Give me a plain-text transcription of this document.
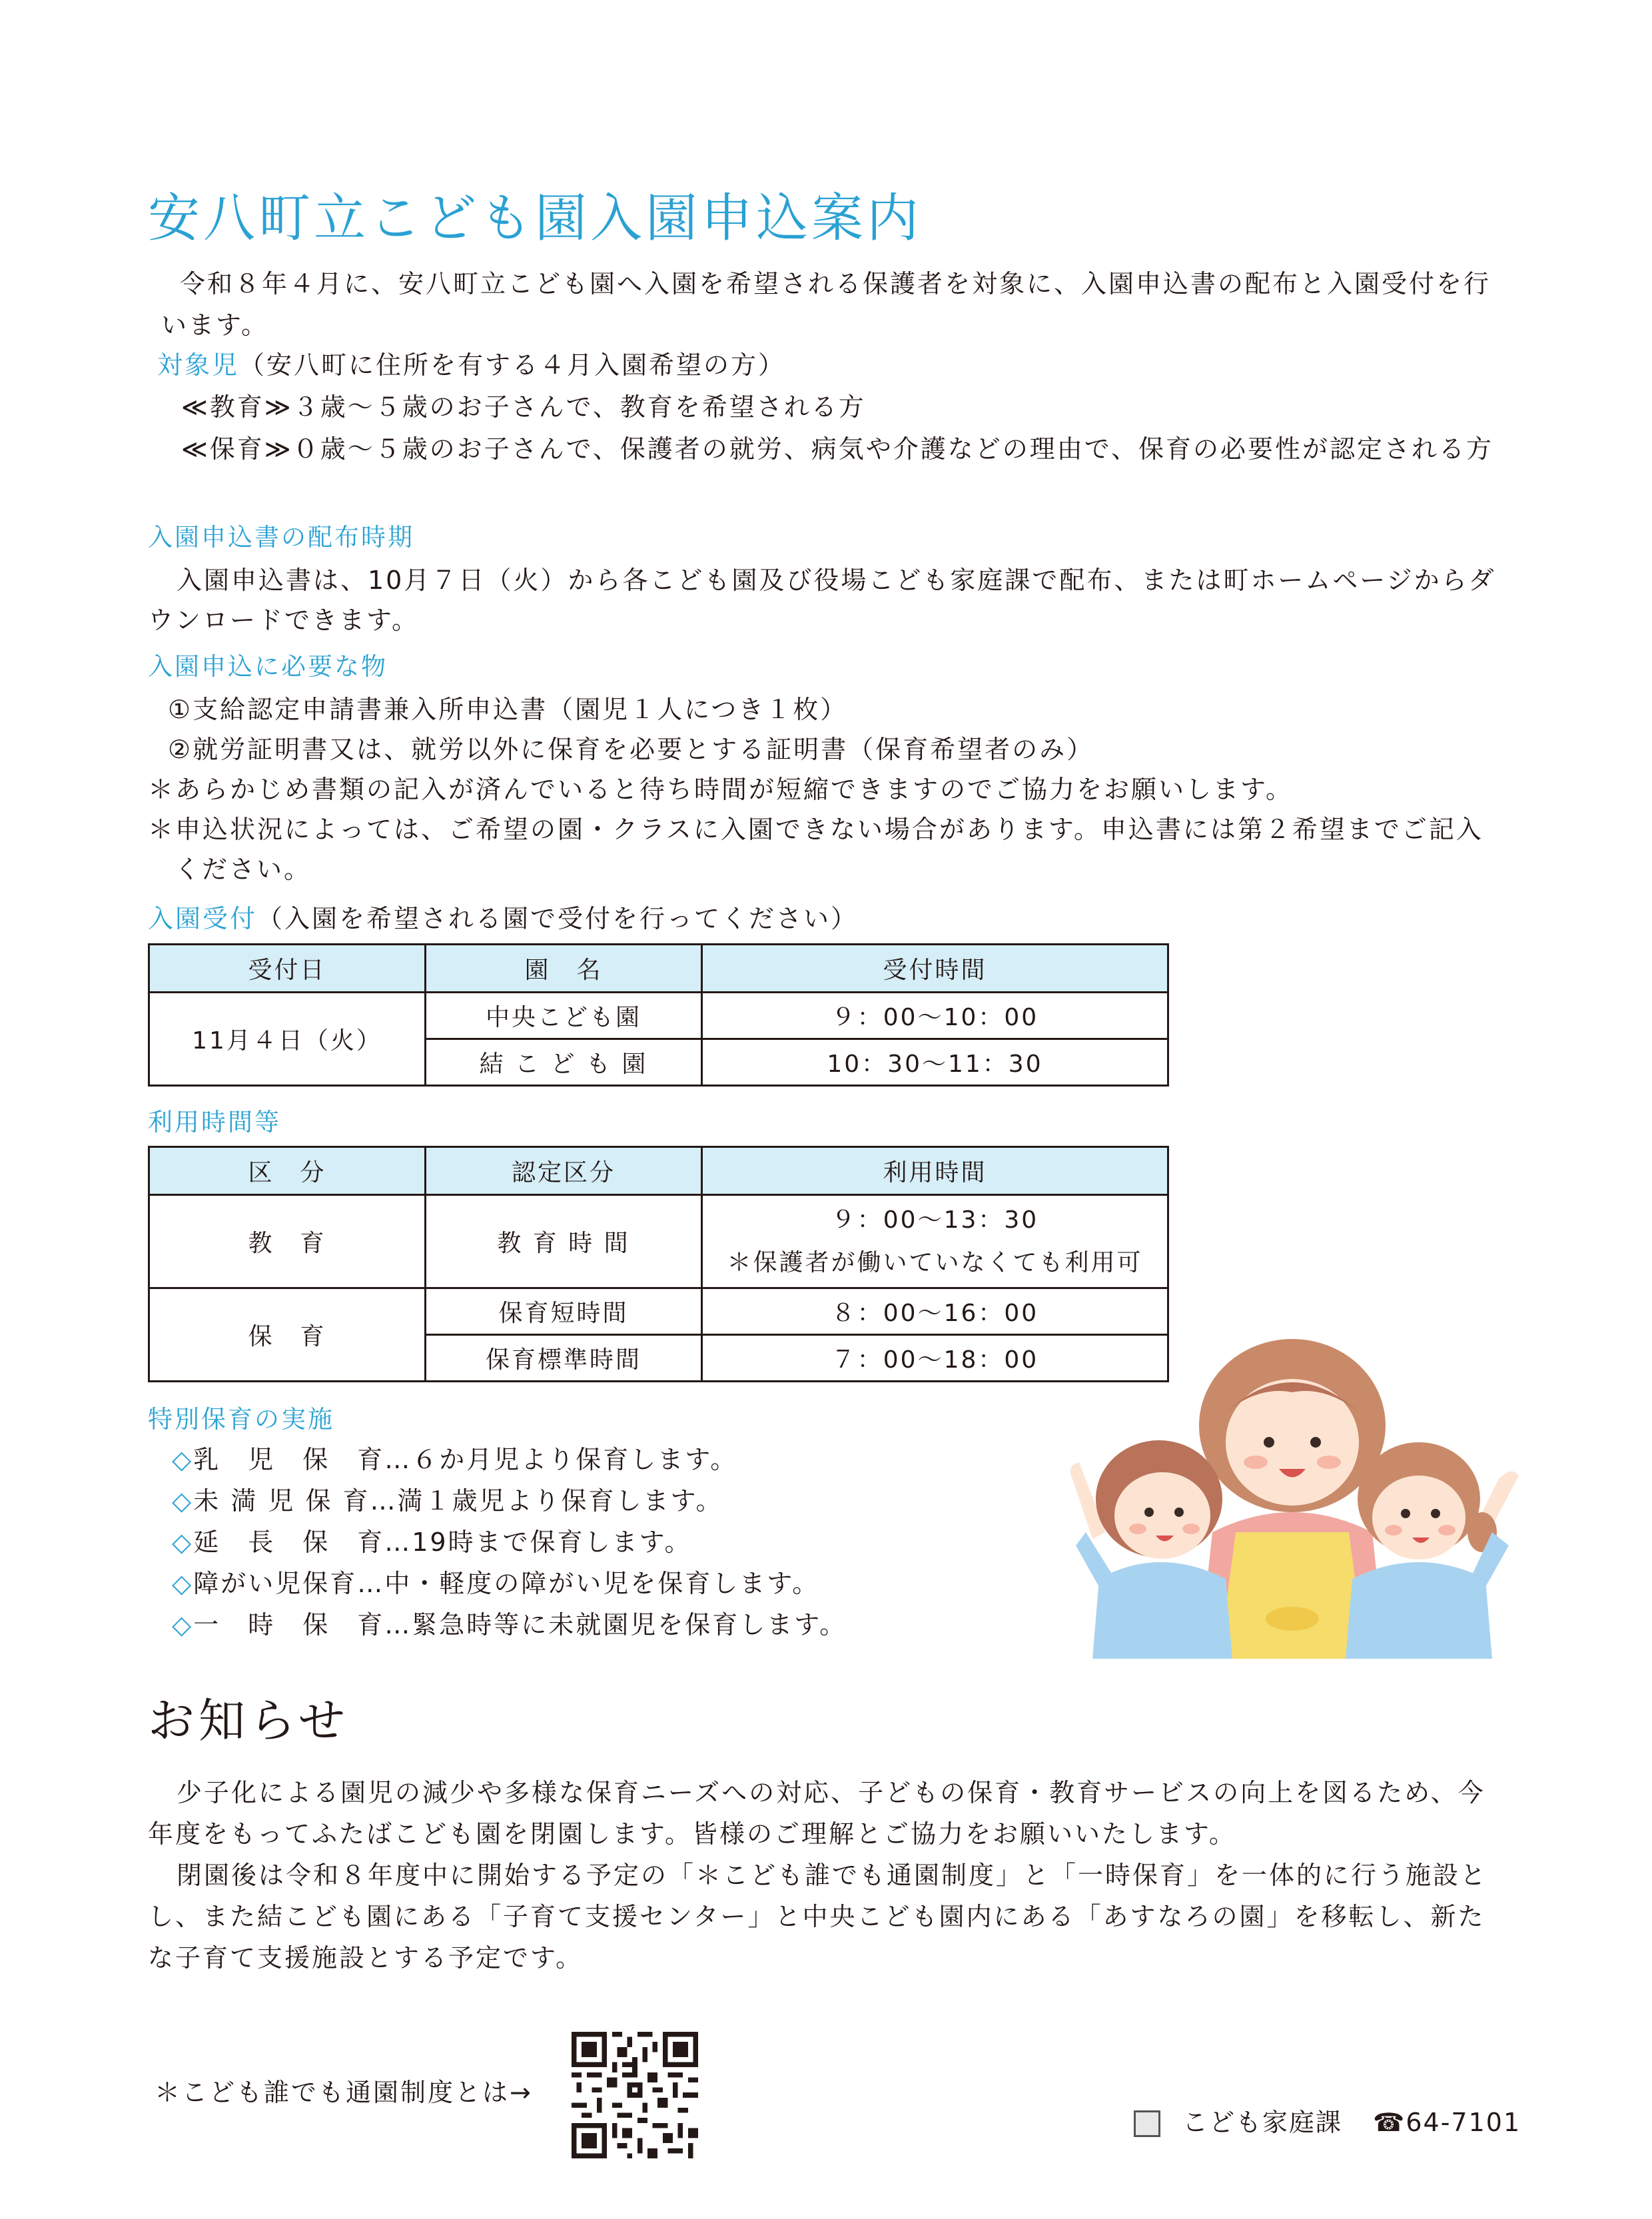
安八町立こども園入園申込案内
令和８年４月に、安八町立こども園へ入園を希望される保護者を対象に、入園申込書の配布と入園受付を行
います。
対象児（安八町に住所を有する４月入園希望の方）
≪教育≫３歳～５歳のお子さんで、教育を希望される方
≪保育≫０歳～５歳のお子さんで、保護者の就労、病気や介護などの理由で、保育の必要性が認定される方
入園申込書の配布時期
入園申込書は、10月７日（火）から各こども園及び役場こども家庭課で配布、または町ホームページからダ
ウンロードできます。
入園申込に必要な物
①支給認定申請書兼入所申込書（園児１人につき１枚）
②就労証明書又は、就労以外に保育を必要とする証明書（保育希望者のみ）
＊あらかじめ書類の記入が済んでいると待ち時間が短縮できますのでご協力をお願いします。
＊申込状況によっては、ご希望の園・クラスに入園できない場合があります。申込書には第２希望までご記入
ください。
入園受付（入園を希望される園で受付を行ってください）
受付日	園　名	受付時間
11月４日（火）	中央こども園	９：00～10：00
	結 こ ど も 園	10：30～11：30
利用時間等
区　分	認定区分	利用時間
教　育	教 育 時 間	９：00～13：30
＊保護者が働いていなくても利用可

保　育	保育短時間	８：00～16：00
	保育標準時間	７：00～18：00
特別保育の実施
◇乳　児　保　育…６か月児より保育します。
◇未 満 児 保 育…満１歳児より保育します。
◇延　長　保　育…19時まで保育します。
◇障がい児保育…中・軽度の障がい児を保育します。
◇一　時　保　育…緊急時等に未就園児を保育します。
お知らせ
少子化による園児の減少や多様な保育ニーズへの対応、子どもの保育・教育サービスの向上を図るため、今
年度をもってふたばこども園を閉園します。皆様のご理解とご協力をお願いいたします。
閉園後は令和８年度中に開始する予定の「＊こども誰でも通園制度」と「一時保育」を一体的に行う施設と
し、また結こども園にある「子育て支援センター」と中央こども園内にある「あすなろの園」を移転し、新た
な子育て支援施設とする予定です。
＊こども誰でも通園制度とは→
こども家庭課 ☎64-7101
